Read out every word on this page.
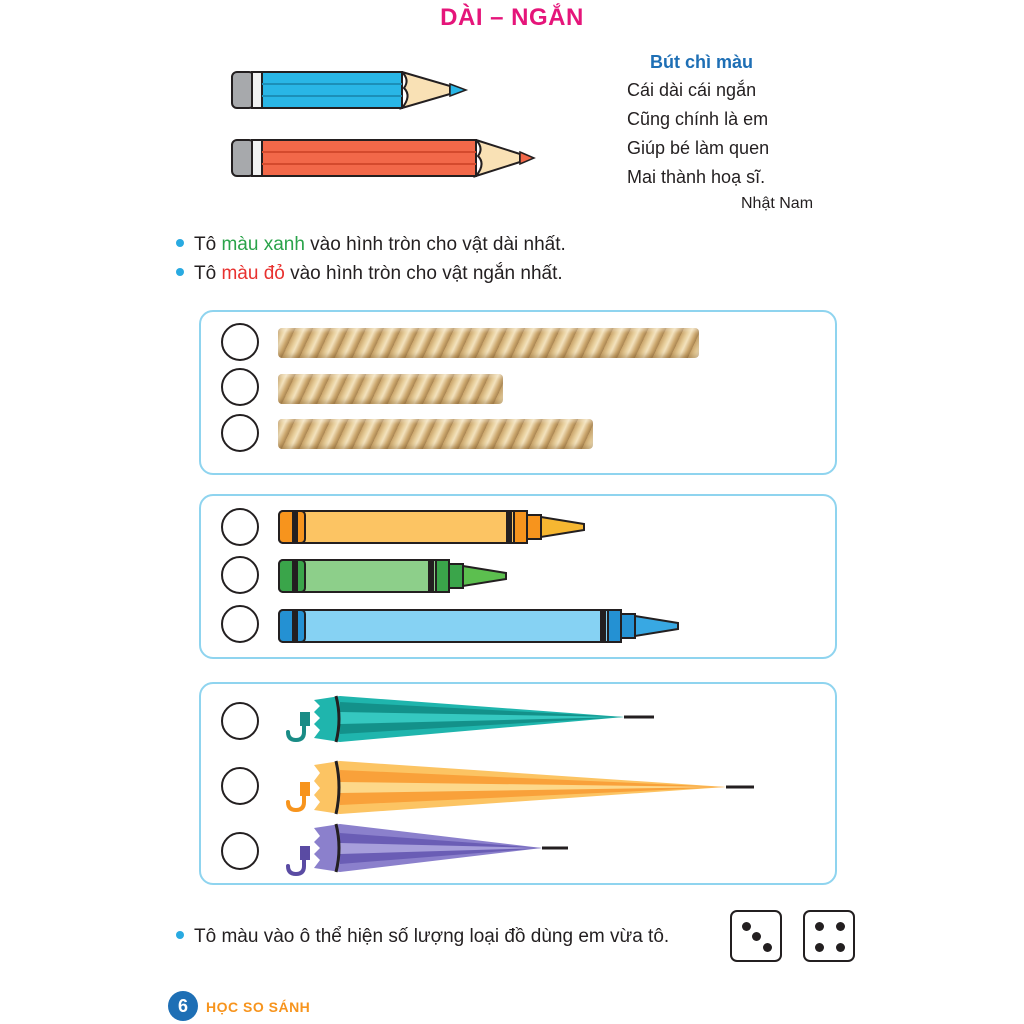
DÀI – NGẮN
Bút chì màu
Cái dài cái ngắn
Cũng chính là em
Giúp bé làm quen
Mai thành hoạ sĩ.
Nhật Nam
Tô màu xanh vào hình tròn cho vật dài nhất.
Tô màu đỏ vào hình tròn cho vật ngắn nhất.
Tô màu vào ô thể hiện số lượng loại đồ dùng em vừa tô.
6	HỌC SO SÁNH
